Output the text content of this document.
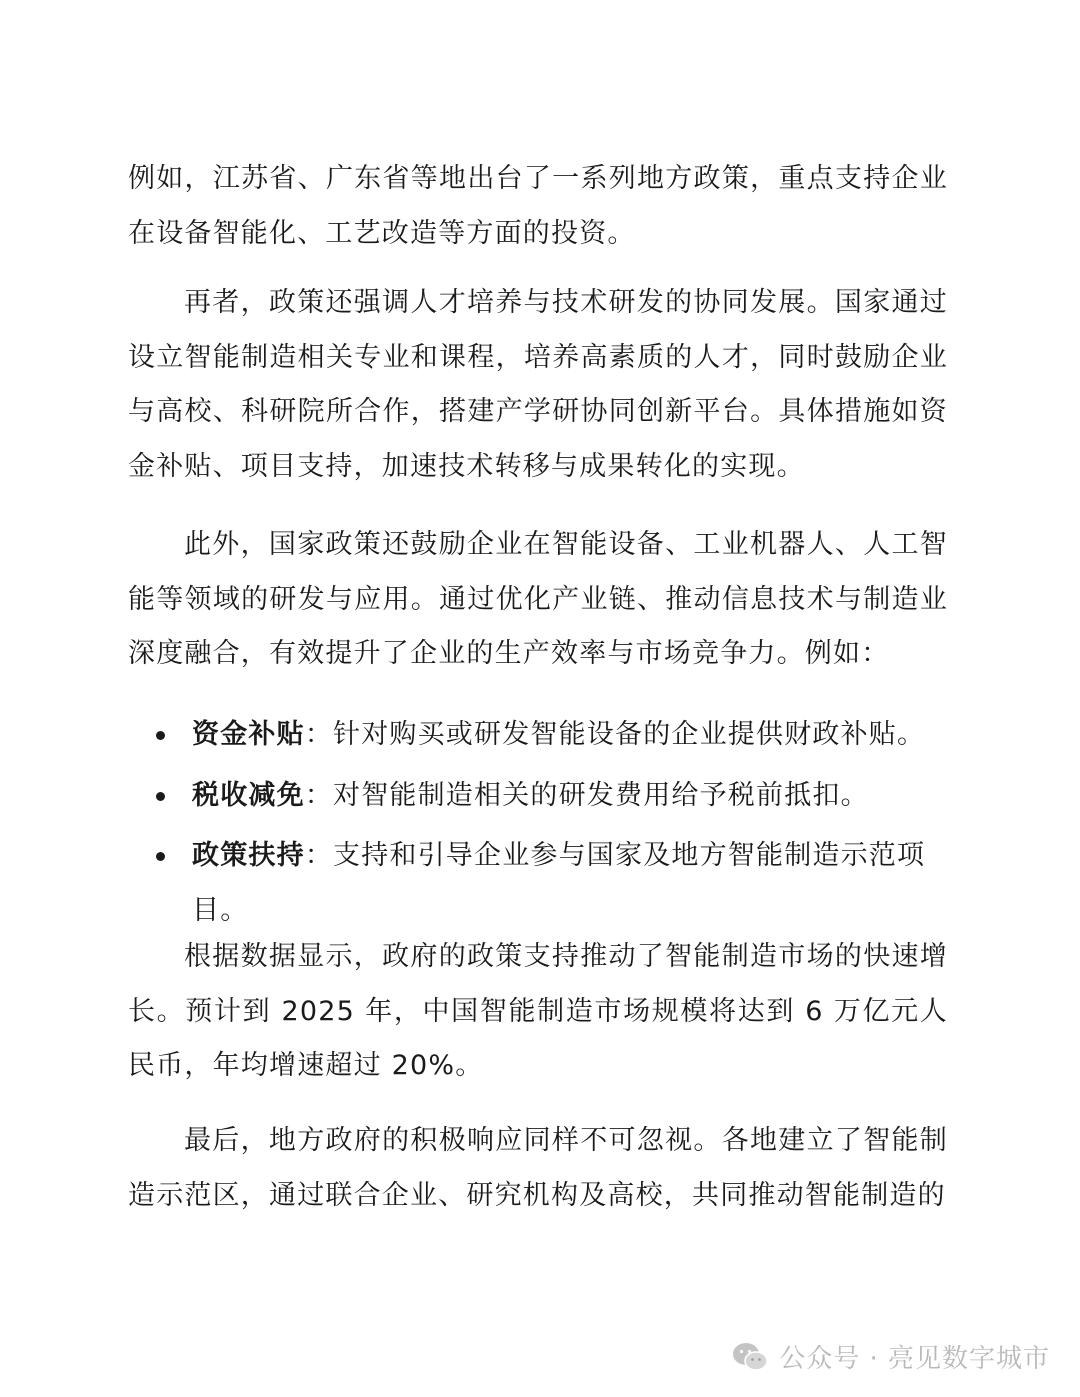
例如，江苏省、广东省等地出台了一系列地方政策，重点支持企业在设备智能化、工艺改造等方面的投资。

再者，政策还强调人才培养与技术研发的协同发展。国家通过设立智能制造相关专业和课程，培养高素质的人才，同时鼓励企业与高校、科研院所合作，搭建产学研协同创新平台。具体措施如资金补贴、项目支持，加速技术转移与成果转化的实现。

此外，国家政策还鼓励企业在智能设备、工业机器人、人工智能等领域的研发与应用。通过优化产业链、推动信息技术与制造业深度融合，有效提升了企业的生产效率与市场竞争力。例如：

资金补贴：针对购买或研发智能设备的企业提供财政补贴。
税收减免：对智能制造相关的研发费用给予税前抵扣。
政策扶持：支持和引导企业参与国家及地方智能制造示范项目。

根据数据显示，政府的政策支持推动了智能制造市场的快速增长。预计到 2025 年，中国智能制造市场规模将达到 6 万亿元人民币，年均增速超过 20%。

最后，地方政府的积极响应同样不可忽视。各地建立了智能制造示范区，通过联合企业、研究机构及高校，共同推动智能制造的

公众号 · 亮见数字城市
